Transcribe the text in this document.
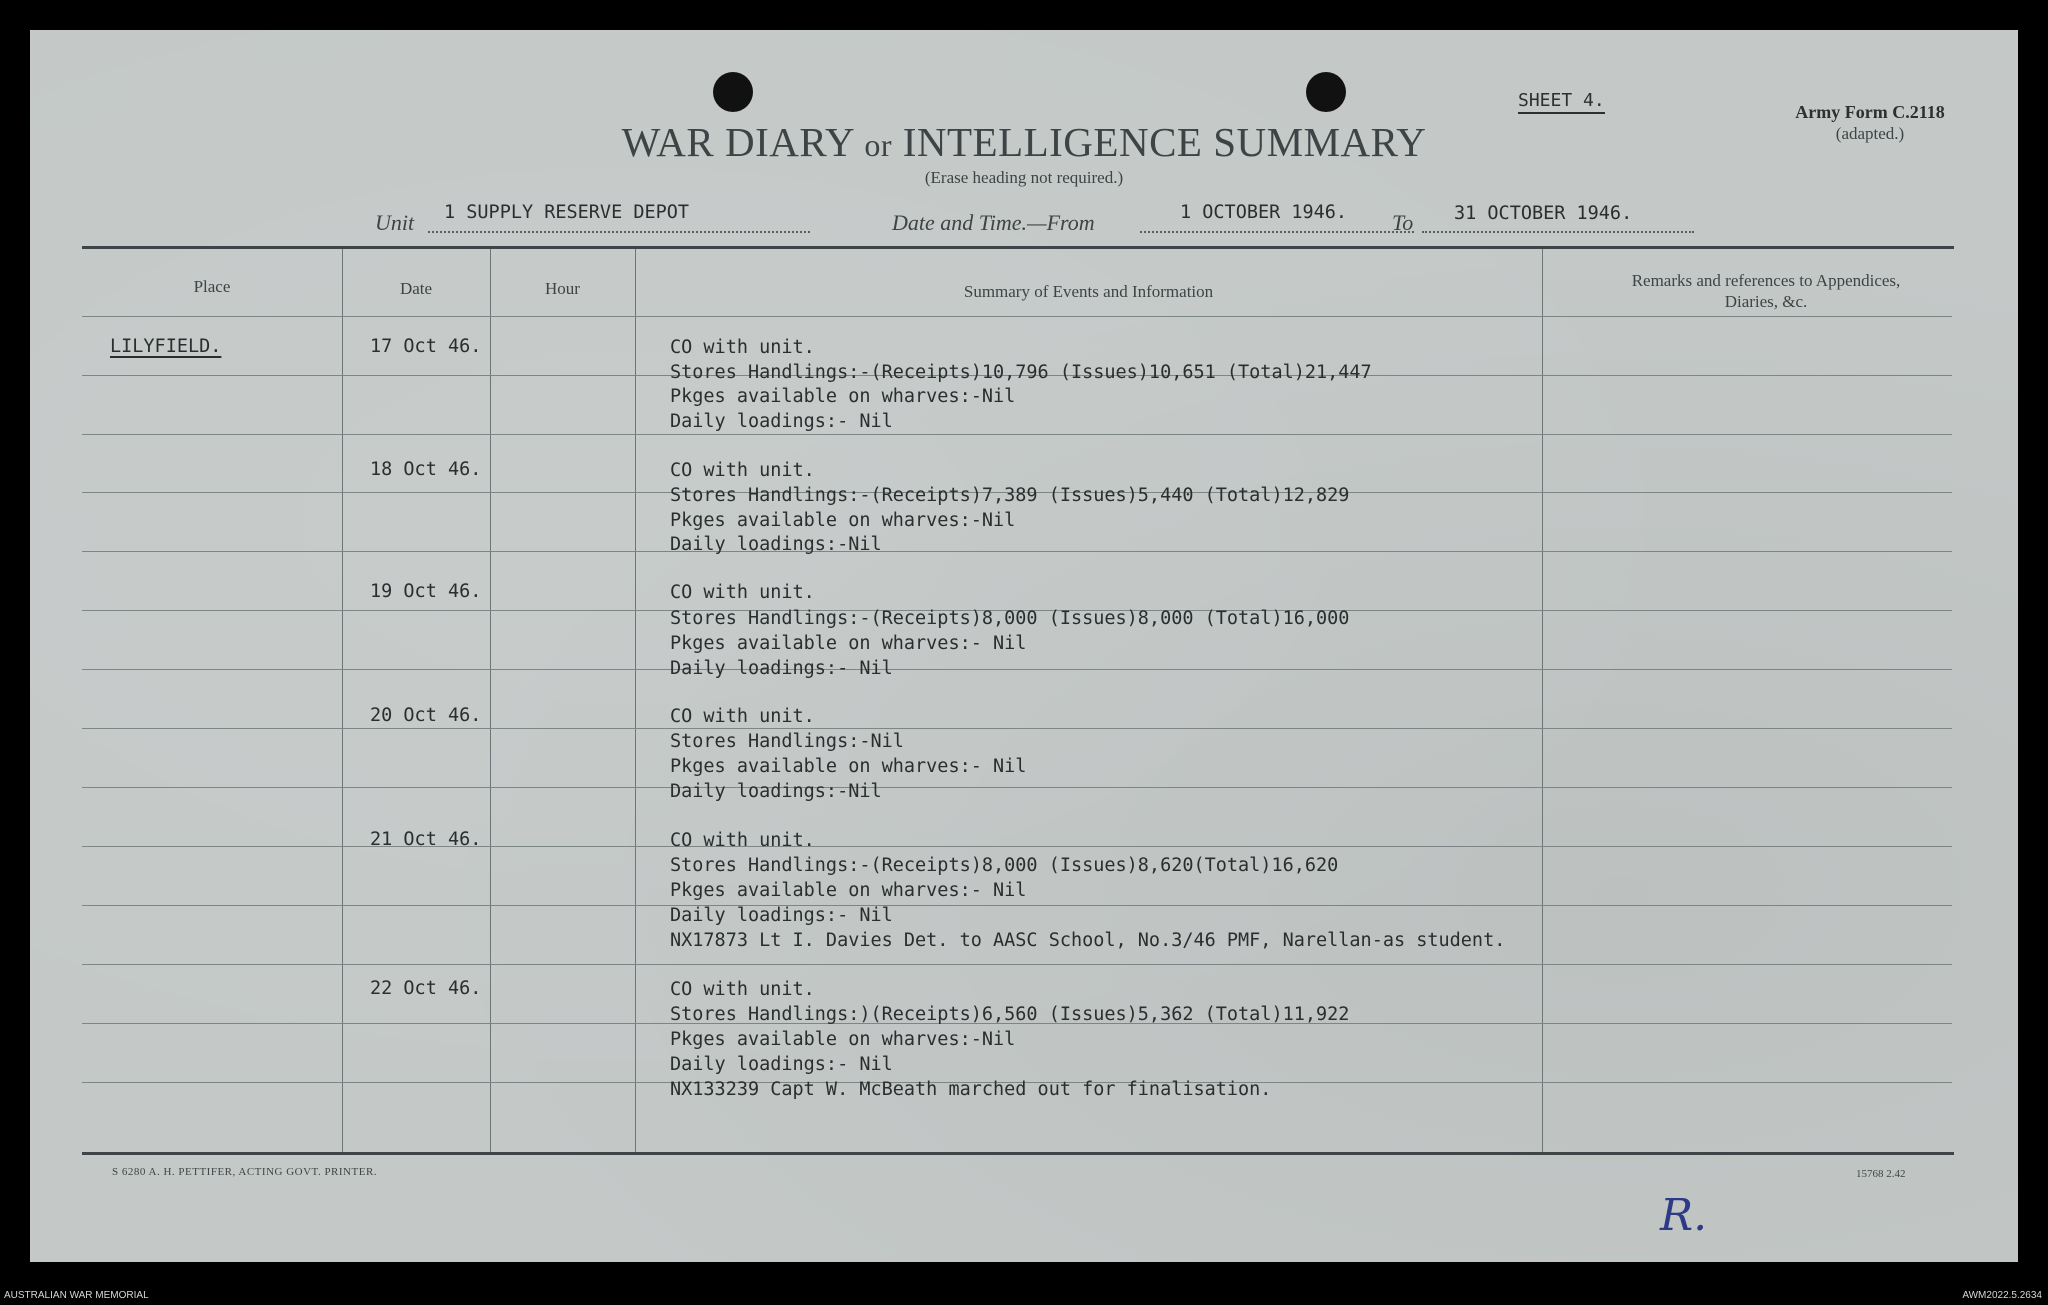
SHEET 4.
Army Form C.2118
(adapted.)
WAR DIARY or INTELLIGENCE SUMMARY
(Erase heading not required.)
Unit 1 SUPPLY RESERVE DEPOT	Date and Time.—From	1 OCTOBER 1946. To 31 OCTOBER 1946.
Place	Date	Hour	Summary of Events and Information
Remarks and references to Appendices, Diaries, &c.
LILYFIELD.	17 Oct 46.	CO with unit.
Stores Handlings:-(Receipts)10,796 (Issues)10,651 (Total)21,447
Pkges available on wharves:-Nil
Daily loadings:- Nil
18 Oct 46.	CO with unit.
Stores Handlings:-(Receipts)7,389 (Issues)5,440 (Total)12,829
Pkges available on wharves:-Nil
Daily loadings:-Nil
19 Oct 46.	CO with unit.
Stores Handlings:-(Receipts)8,000 (Issues)8,000 (Total)16,000
Pkges available on wharves:- Nil
Daily loadings:- Nil
20 Oct 46.	CO with unit.
Stores Handlings:-Nil
Pkges available on wharves:- Nil
Daily loadings:-Nil
21 Oct 46.	CO with unit.
Stores Handlings:-(Receipts)8,000 (Issues)8,620(Total)16,620
Pkges available on wharves:- Nil
Daily loadings:- Nil
NX17873 Lt I. Davies Det. to AASC School, No.3/46 PMF, Narellan-as student.
22 Oct 46.	CO with unit.
Stores Handlings:)(Receipts)6,560 (Issues)5,362 (Total)11,922
Pkges available on wharves:-Nil
Daily loadings:- Nil
NX133239 Capt W. McBeath marched out for finalisation.
S 6280 A. H. PETTIFER, ACTING GOVT. PRINTER.	15768 2.42
R.
AUSTRALIAN WAR MEMORIAL	AWM2022.5.2634
